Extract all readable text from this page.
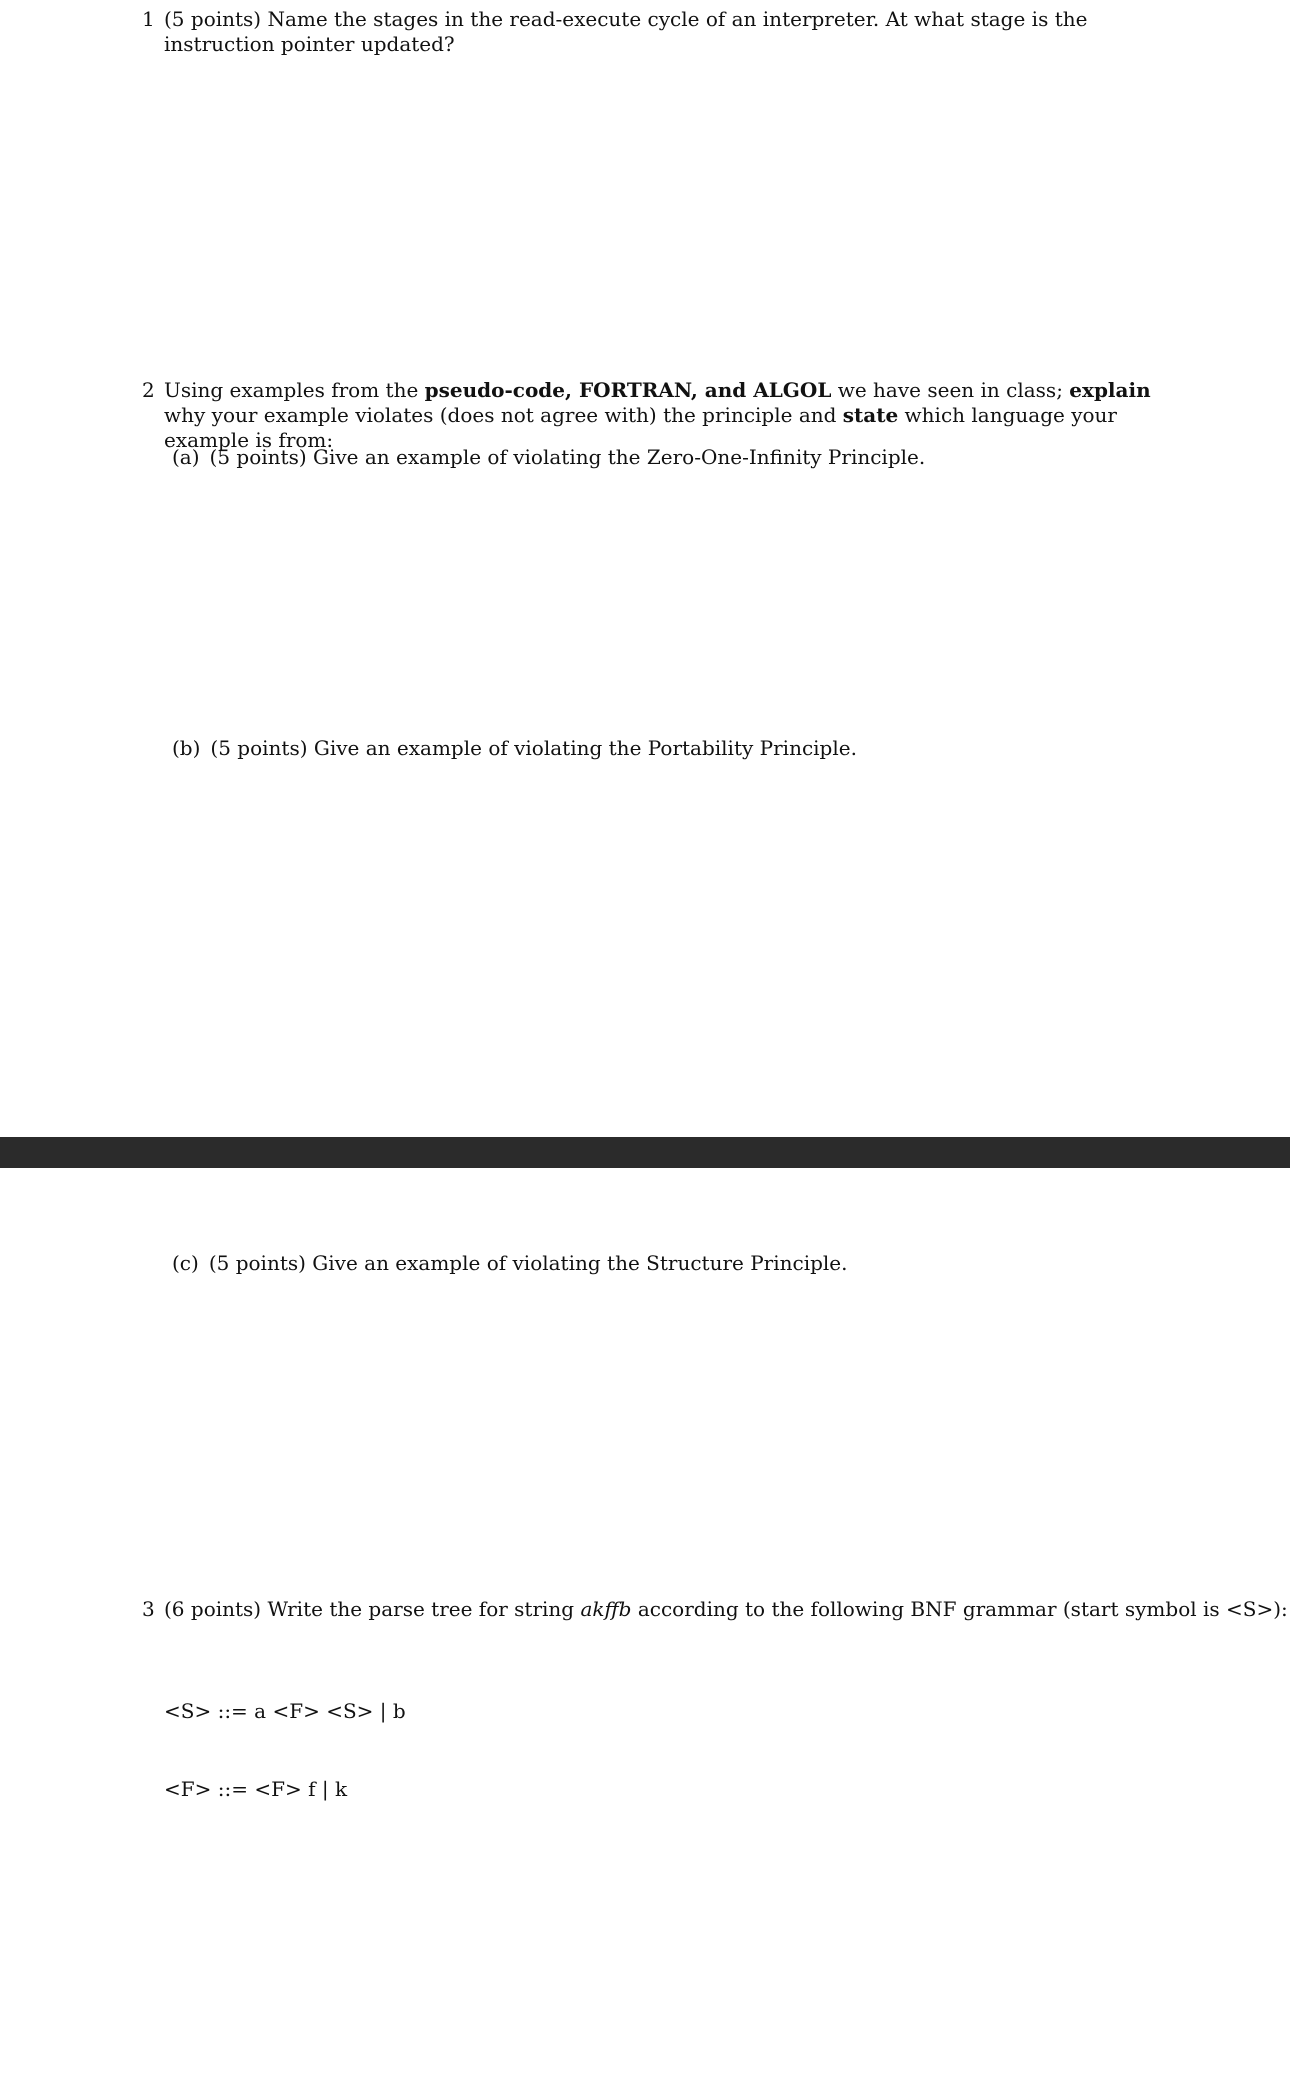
1 (5 points) Name the stages in the read-execute cycle of an interpreter. At what stage is the instruction pointer updated?
2 Using examples from the pseudo-code, FORTRAN, and ALGOL we have seen in class; explain why your example violates (does not agree with) the principle and state which language your example is from:
(a) (5 points) Give an example of violating the Zero-One-Infinity Principle.
(b) (5 points) Give an example of violating the Portability Principle.
(c) (5 points) Give an example of violating the Structure Principle.
3 (6 points) Write the parse tree for string akffb according to the following BNF grammar (start symbol is <S>):

<S> ::= a <F> <S> | b

<F> ::= <F> f | k
